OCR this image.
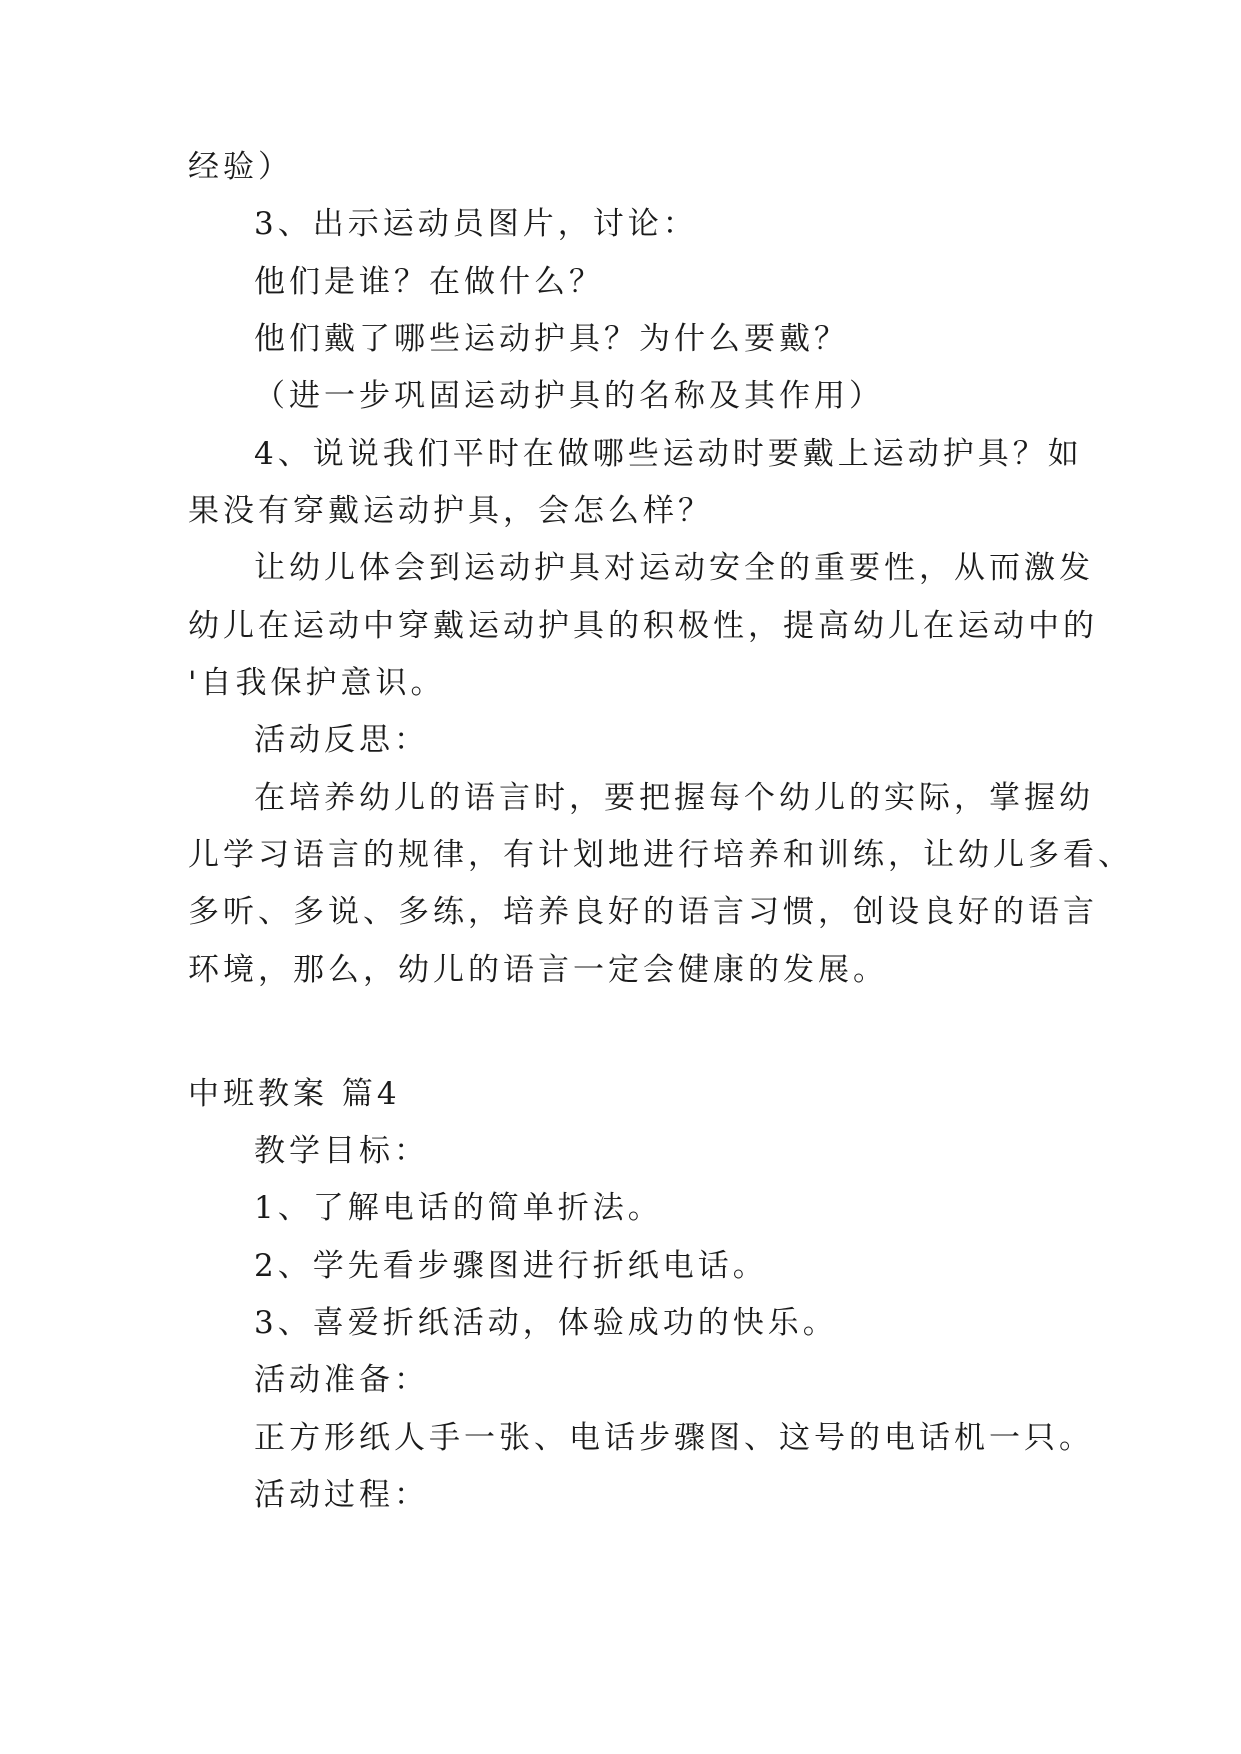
经验）
3、出示运动员图片，讨论：
他们是谁？在做什么？
他们戴了哪些运动护具？为什么要戴？
（进一步巩固运动护具的名称及其作用）
4、说说我们平时在做哪些运动时要戴上运动护具？如
果没有穿戴运动护具，会怎么样？
让幼儿体会到运动护具对运动安全的重要性，从而激发
幼儿在运动中穿戴运动护具的积极性，提高幼儿在运动中的
'自我保护意识。
活动反思：
在培养幼儿的语言时，要把握每个幼儿的实际，掌握幼
儿学习语言的规律，有计划地进行培养和训练，让幼儿多看、
多听、多说、多练，培养良好的语言习惯，创设良好的语言
环境，那么，幼儿的语言一定会健康的发展。
中班教案 篇4
教学目标：
1、了解电话的简单折法。
2、学先看步骤图进行折纸电话。
3、喜爱折纸活动，体验成功的快乐。
活动准备：
正方形纸人手一张、电话步骤图、这号的电话机一只。
活动过程：
